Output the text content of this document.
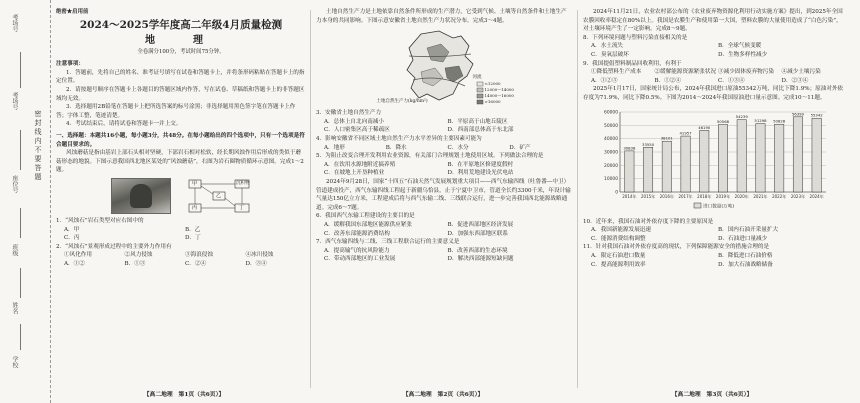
考场号
考场号
座位号
班级
姓名
学校
密封线内不要答题

绝密★启用前

2024～2025学年度高二年级4月质量检测

地　理

全卷满分100分，考试时间75分钟。

注意事项：

1．答题前，先将自己的姓名、准考证号填写在试卷和答题卡上，并将条形码粘贴在答题卡上的指定位置。

2．请按题号顺序在答题卡上各题目的答题区域内作答，写在试卷、草稿纸和答题卡上的非答题区域均无效。

3．选择题用2B铅笔在答题卡上把所选答案的标号涂黑；非选择题用黑色签字笔在答题卡上作答；字体工整，笔迹清楚。

4．考试结束后，请将试卷和答题卡一并上交。

一、选择题：本题共16小题，每小题3分，共48分。在每小题给出的四个选项中，只有一个选项是符合题目要求的。

风蚀蘑菇是指由基岩上部石头相对坚硬，下部岩石相对松软，经长期风蚀作用后形成的类似于蘑菇形态的地貌。下图示意我国西北地区某处的“风蚀蘑菇”，右图为岩石圈物质循环示意图。完成1～2题。

甲	沉积物
乙
丙	丁

1．“风蚀石”岩石类型对应右图中的

A．甲	B．乙
C．丙	D．丁

2．“风蚀石”景观形成过程中的主要外力作用有

①风化作用	②风力侵蚀	③海浪侵蚀	④冰川侵蚀
A．①②	B．①③	C．②④	D．③④
【高二地理　第1页（共6页）】

土地自然生产力是土地依靠自然条件所形成的生产潜力，它受到气候、土壤等自然条件和土地生产力本身的共同影响。下图示意安徽省土地自然生产力状况分布。完成3～4题。

河流
土地自然生产力(kg/hm²)
<12000
12000～14000
14000～16000
>16000

3．安徽省土地自然生产力

A．总体上自北向南减小	B．平原高于山地丘陵区
C．人口密集区高于稀疏区	D．西南部总体高于东北部

4．影响安徽省不同区域土地自然生产力水平差异的主要因素可能为

A．地形	B．降水	C．水分	D．矿产

5．为阻止改变合理开发利用农业资源，有关部门合理规划土地使用区域。下列做法合理的是

A．在饮用水源地附近搞养殖	B．在平原地区修建度假村
C．在坡地上开垦种植业	D．利用荒地建设光伏电站

2024年9月28日，国家“十四五”石油天然气发展规划重大项目——西气东输四线（吐鲁番—中卫）管道建成投产，西气东输四线工程起于新疆乌恰县，止于宁夏中卫市，管道全长约3300千米，年设计输气量达150亿立方米，工程建成后将与西气东输二线、三线联合运行，进一步完善我国西北能源战略通道。完成6～7题。

6．我国西气东输工程建设的主要目的是

A．缓解我国东部地区能源供应紧张	B．促进西部地区经济发展
C．改善东部能源消费结构	D．加强东西部地区联系

7．西气东输四线与二线、三线工程联合运行的主要意义是

A．提高输气的抗风险能力	B．改善西部的生态环境
C．带动西部地区的工业发展	D．解决西部能源短缺问题
【高二地理　第2页（共6页）】

2024年11月21日，农业农村部公布的《农业废弃物资源化利用行动实施方案》提出，到2025年全国农膜回收率稳定在80%以上。我国是农膜生产和使用第一大国，塑料农膜的大量使用造成了“白色污染”，对土壤环境产生了一定影响。完成8～9题。

8．下列环境问题与塑料污染直接相关的是

A．水土流失	B．全球气候变暖
C．臭氧层破坏	D．生物多样性减少

9．我国提倡塑料制品回收利用，有利于

①降低塑料生产成本	②缓解能源资源紧张状况 ③减少固体废弃物污染	④减少土壤污染
A．①②③	B．①②④	C．①③④	D．②③④

2025年1月17日，国家统计局公布，2024年我国进口原油55342万吨，同比下降1.9%；原油对外依存度为71.9%，同比下降0.5%。下图为2014～2024年我国原油进口量示意图。完成10～11题。

0
10000
20000
30000
40000
50000
60000
30838
2014年
33550
2015年
38101
2016年
41957
2017年
46190
2018年
50568
2019年
54239
2020年
51298
2021年
50828
2022年
56399
2023年
55342
2024年
进口数量(万吨)

10．近年来，我国石油对外依存度下降的主要原因是

A．我国新能源发展迅速	B．国内石油开采量扩大
C．能源消费结构调整	D．石油进口量减少

11．针对我国石油对外依存度高的现状，下列保障能源安全的措施合理的是

A．限定石油进口数量	B．降低进口石油价格
C．提高能源利用效率	D．加大石油战略储备
【高二地理　第3页（共6页）】
